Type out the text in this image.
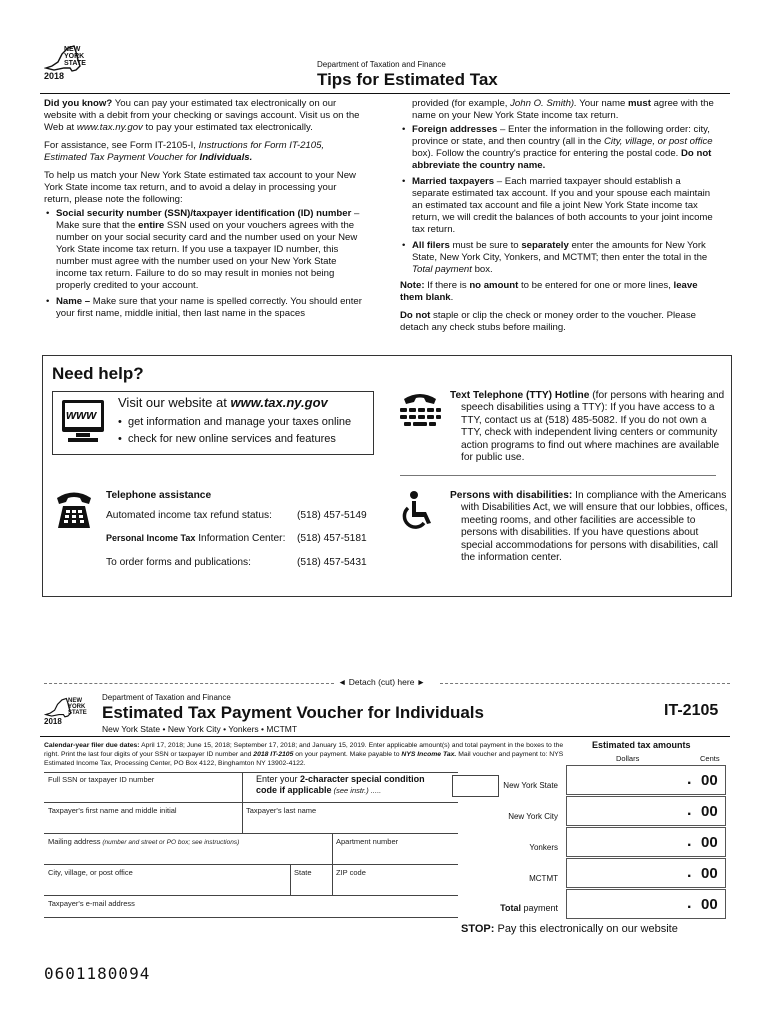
NEW
YORK
STATE
2018
Department of Taxation and Finance
Tips for Estimated Tax

Did you know? You can pay your estimated tax electronically on our website with a debit from your checking or savings account. Visit us on the Web at www.tax.ny.gov to pay your estimated tax electronically.

For assistance, see Form IT-2105-I, Instructions for Form IT-2105, Estimated Tax Payment Voucher for Individuals.

To help us match your New York State estimated tax account to your New York State income tax return, and to avoid a delay in processing your return, please note the following:

• Social security number (SSN)/taxpayer identification (ID) number – Make sure that the entire SSN used on your vouchers agrees with the number on your social security card and the number used on your New York State income tax return. If you use a taxpayer ID number, this number must agree with the number used on your New York State income tax return. Failure to do so may result in monies not being properly credited to your account.
• Name – Make sure that your name is spelled correctly. You should enter your first name, middle initial, then last name in the spaces
provided (for example, John O. Smith). Your name must agree with the name on your New York State income tax return.
• Foreign addresses – Enter the information in the following order: city, province or state, and then country (all in the City, village, or post office box). Follow the country's practice for entering the postal code. Do not abbreviate the country name.
• Married taxpayers – Each married taxpayer should establish a separate estimated tax account. If you and your spouse each maintain an estimated tax account and file a joint New York State income tax return, we will credit the balances of both accounts to your joint income tax return.
• All filers must be sure to separately enter the amounts for New York State, New York City, Yonkers, and MCTMT; then enter the total in the Total payment box.

Note: If there is no amount to be entered for one or more lines, leave them blank.

Do not staple or clip the check or money order to the voucher. Please detach any check stubs before mailing.

Need help?
www
Visit our website at www.tax.ny.gov
•  get information and manage your taxes online
•  check for new online services and features
Text Telephone (TTY) Hotline (for persons with hearing and speech disabilities using a TTY): If you have access to a TTY, contact us at (518) 485-5082. If you do not own a TTY, check with independent living centers or community action programs to find out where machines are available for public use.
Telephone assistance
Automated income tax refund status: (518) 457-5149
Personal Income Tax Information Center: (518) 457-5181
To order forms and publications:	(518) 457-5431
Persons with disabilities: In compliance with the Americans with Disabilities Act, we will ensure that our lobbies, offices, meeting rooms, and other facilities are accessible to persons with disabilities. If you have questions about special accommodations for persons with disabilities, call the information center.
◄ Detach (cut) here ►
NEW
YORK
STATE
2018
Department of Taxation and Finance
Estimated Tax Payment Voucher for Individuals
New York State • New York City • Yonkers • MCTMT
IT-2105
Calendar-year filer due dates: April 17, 2018; June 15, 2018; September 17, 2018; and January 15, 2019. Enter applicable amount(s) and total payment in the boxes to the right. Print the last four digits of your SSN or taxpayer ID number and 2018 IT-2105 on your payment. Make payable to NYS Income Tax. Mail voucher and payment to: NYS Estimated Income Tax, Processing Center, PO Box 4122, Binghamton NY 13902-4122.
Full SSN or taxpayer ID number	Enter your 2-character special condition code if applicable (see instr.) .....
Taxpayer's first name and middle initial	Taxpayer's last name
Mailing address (number and street or PO box; see instructions)	Apartment number
City, village, or post office	State	ZIP code
Taxpayer's e-mail address
Estimated tax amounts
Dollars	Cents
New York State	. 00
New York City	. 00
Yonkers	. 00
MCTMT	. 00
Total payment	. 00
STOP: Pay this electronically on our website
0601180094
